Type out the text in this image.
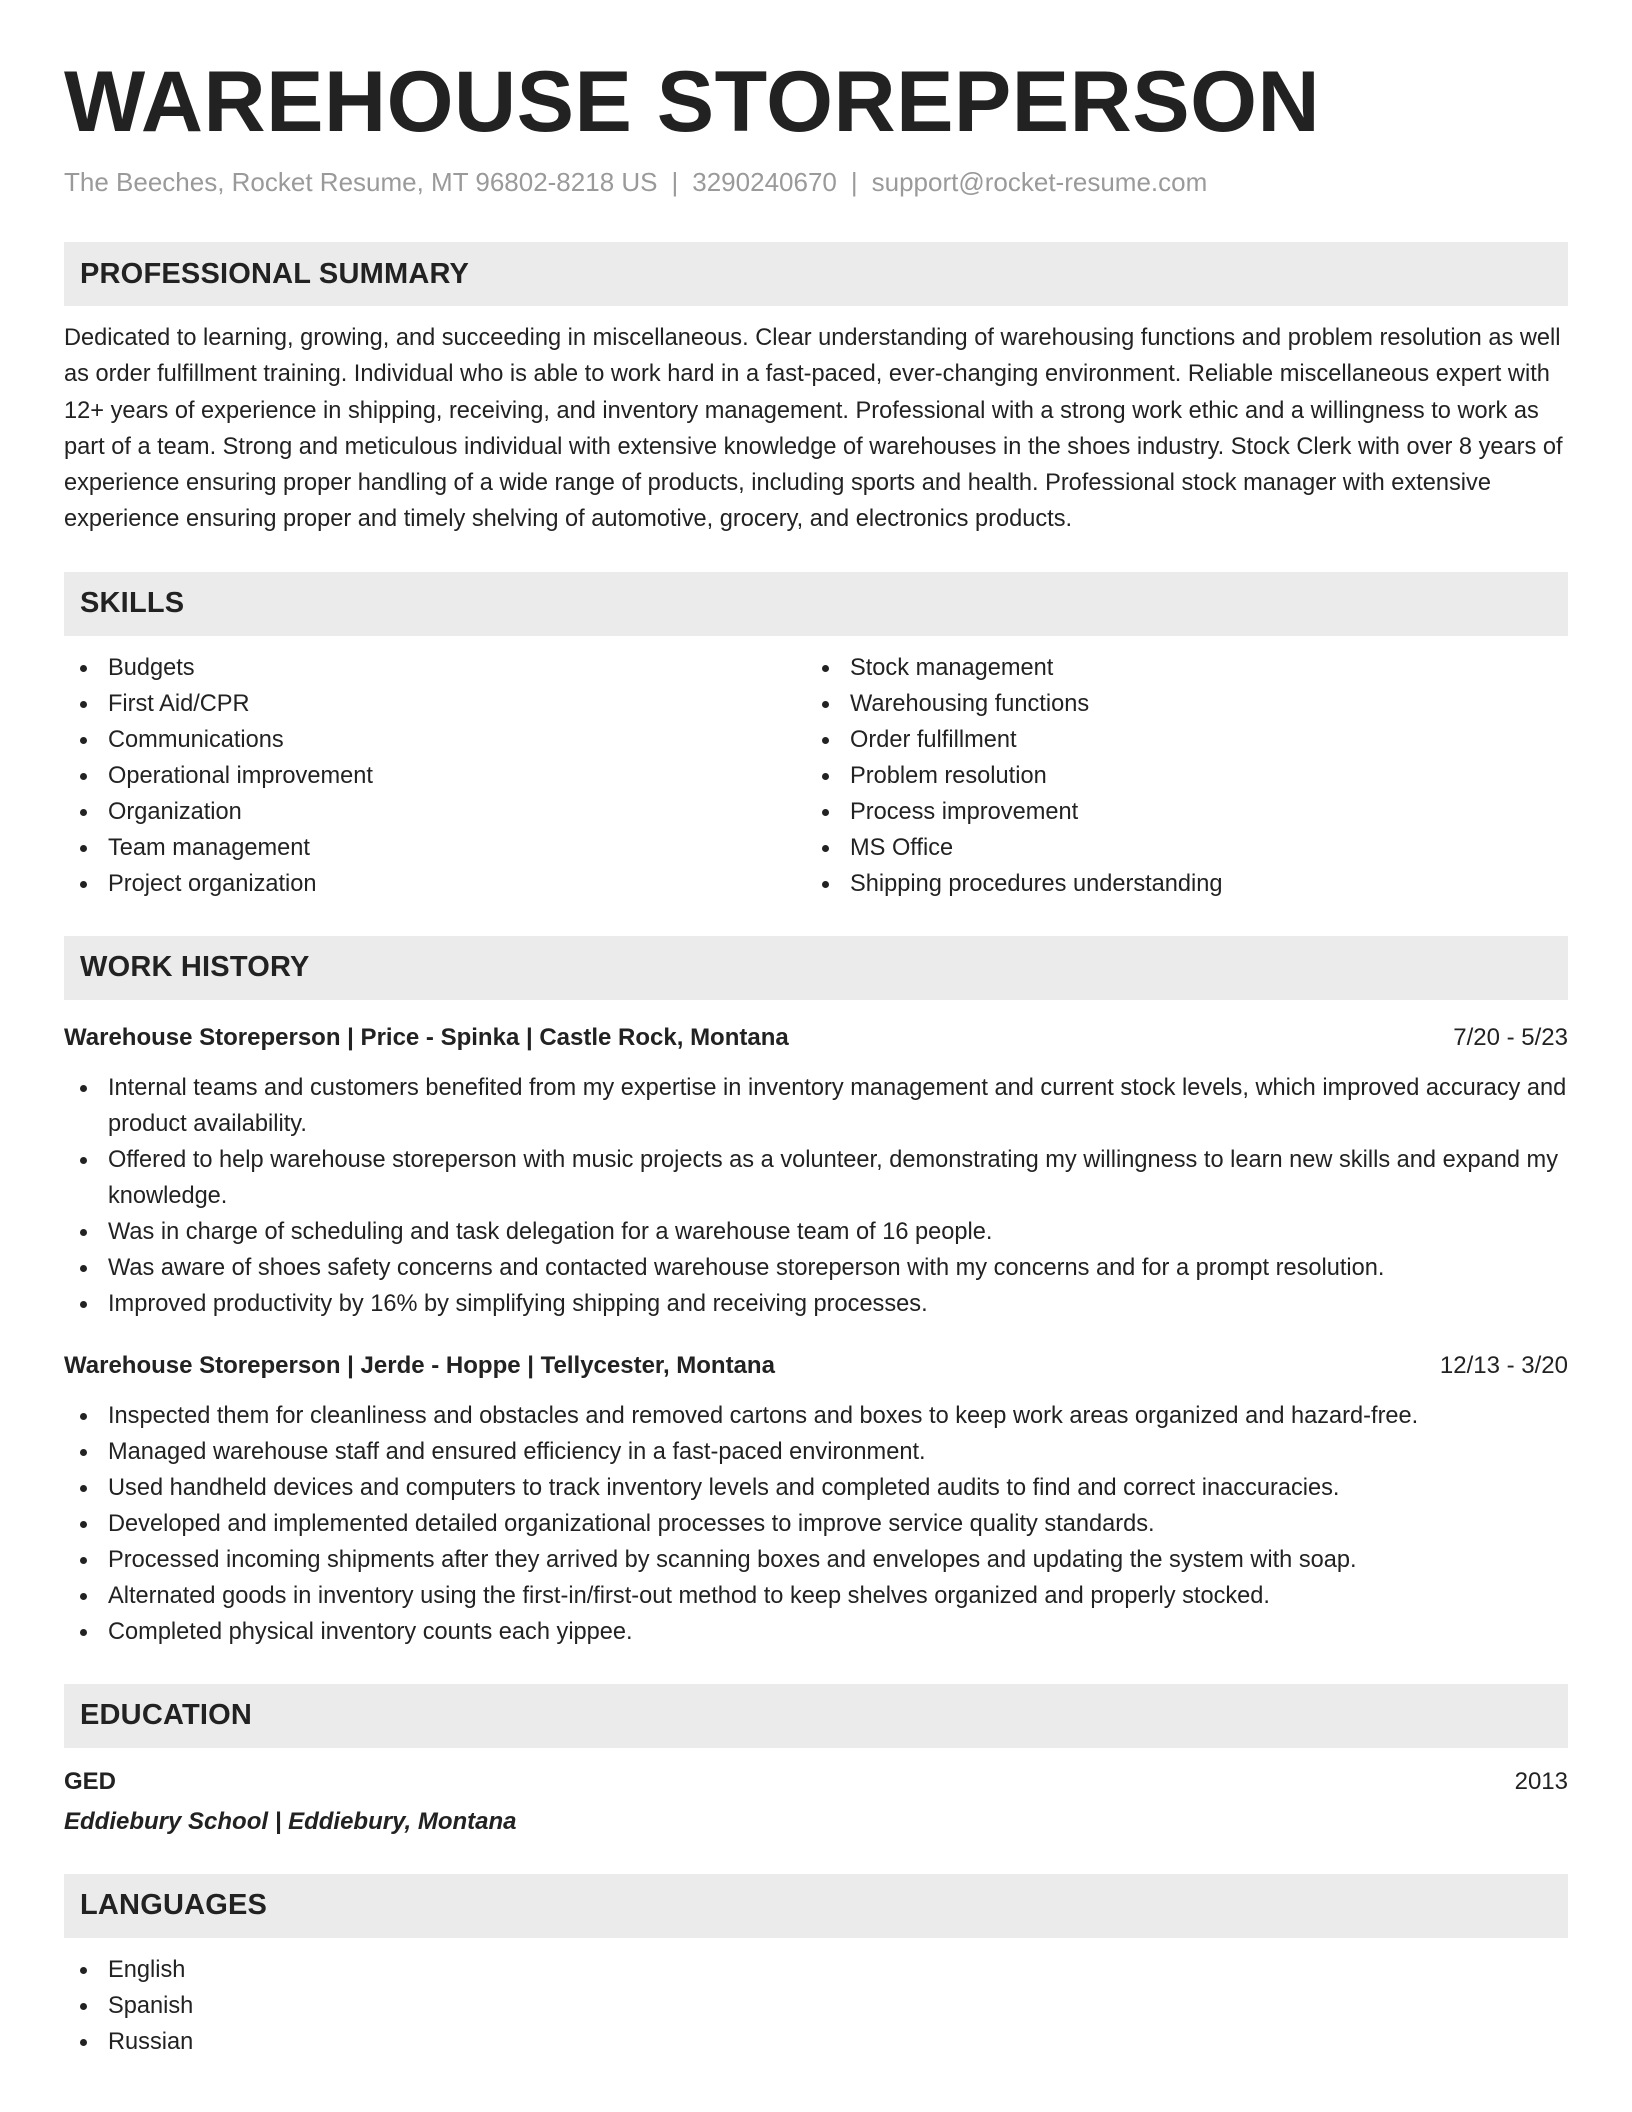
WAREHOUSE STOREPERSON
The Beeches, Rocket Resume, MT 96802-8218 US | 3290240670 | support@rocket-resume.com
PROFESSIONAL SUMMARY
Dedicated to learning, growing, and succeeding in miscellaneous. Clear understanding of warehousing functions and problem resolution as well as order fulfillment training. Individual who is able to work hard in a fast-paced, ever-changing environment. Reliable miscellaneous expert with 12+ years of experience in shipping, receiving, and inventory management. Professional with a strong work ethic and a willingness to work as part of a team. Strong and meticulous individual with extensive knowledge of warehouses in the shoes industry. Stock Clerk with over 8 years of experience ensuring proper handling of a wide range of products, including sports and health. Professional stock manager with extensive experience ensuring proper and timely shelving of automotive, grocery, and electronics products.
SKILLS
Budgets
First Aid/CPR
Communications
Operational improvement
Organization
Team management
Project organization
Stock management
Warehousing functions
Order fulfillment
Problem resolution
Process improvement
MS Office
Shipping procedures understanding
WORK HISTORY
Warehouse Storeperson | Price - Spinka | Castle Rock, Montana	7/20 - 5/23
Internal teams and customers benefited from my expertise in inventory management and current stock levels, which improved accuracy and product availability.
Offered to help warehouse storeperson with music projects as a volunteer, demonstrating my willingness to learn new skills and expand my knowledge.
Was in charge of scheduling and task delegation for a warehouse team of 16 people.
Was aware of shoes safety concerns and contacted warehouse storeperson with my concerns and for a prompt resolution.
Improved productivity by 16% by simplifying shipping and receiving processes.
Warehouse Storeperson | Jerde - Hoppe | Tellycester, Montana	12/13 - 3/20
Inspected them for cleanliness and obstacles and removed cartons and boxes to keep work areas organized and hazard-free.
Managed warehouse staff and ensured efficiency in a fast-paced environment.
Used handheld devices and computers to track inventory levels and completed audits to find and correct inaccuracies.
Developed and implemented detailed organizational processes to improve service quality standards.
Processed incoming shipments after they arrived by scanning boxes and envelopes and updating the system with soap.
Alternated goods in inventory using the first-in/first-out method to keep shelves organized and properly stocked.
Completed physical inventory counts each yippee.
EDUCATION
GED	2013
Eddiebury School | Eddiebury, Montana
LANGUAGES
English
Spanish
Russian
